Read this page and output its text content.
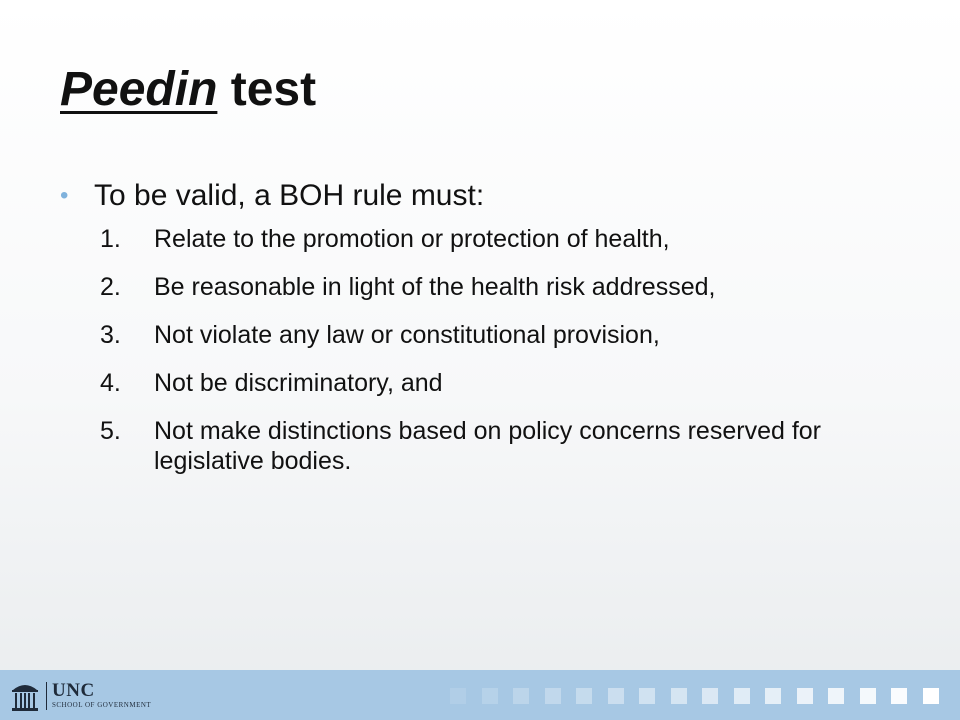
Peedin test

• To be valid, a BOH rule must:

1. Relate to the promotion or protection of health,
2. Be reasonable in light of the health risk addressed,
3. Not violate any law or constitutional provision,
4. Not be discriminatory, and
5. Not make distinctions based on policy concerns reserved for legislative bodies.
UNC
SCHOOL OF GOVERNMENT
